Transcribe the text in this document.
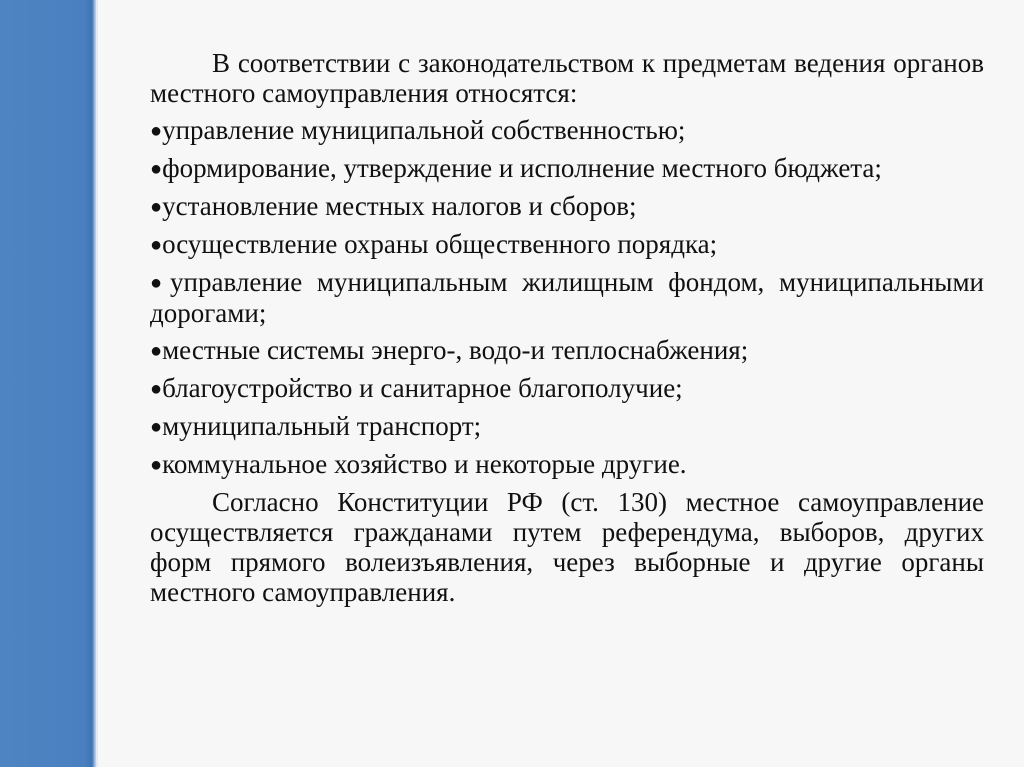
В соответствии с законодательством к предметам ведения органов местного самоуправления относятся:

●управление муниципальной собственностью;

●формирование, утверждение и исполнение местного бюджета;

●установление местных налогов и сборов;

●осуществление охраны общественного порядка;

●управление муниципальным жилищным фондом, муниципальными дорогами;

●местные системы энерго-, водо-и теплоснабжения;

●благоустройство и санитарное благополучие;

●муниципальный транспорт;

●коммунальное хозяйство и некоторые другие.

Согласно Конституции РФ (ст. 130) местное самоуправление осуществляется гражданами путем референдума, выборов, других форм прямого волеизъявления, через выборные и другие органы местного самоуправления.
